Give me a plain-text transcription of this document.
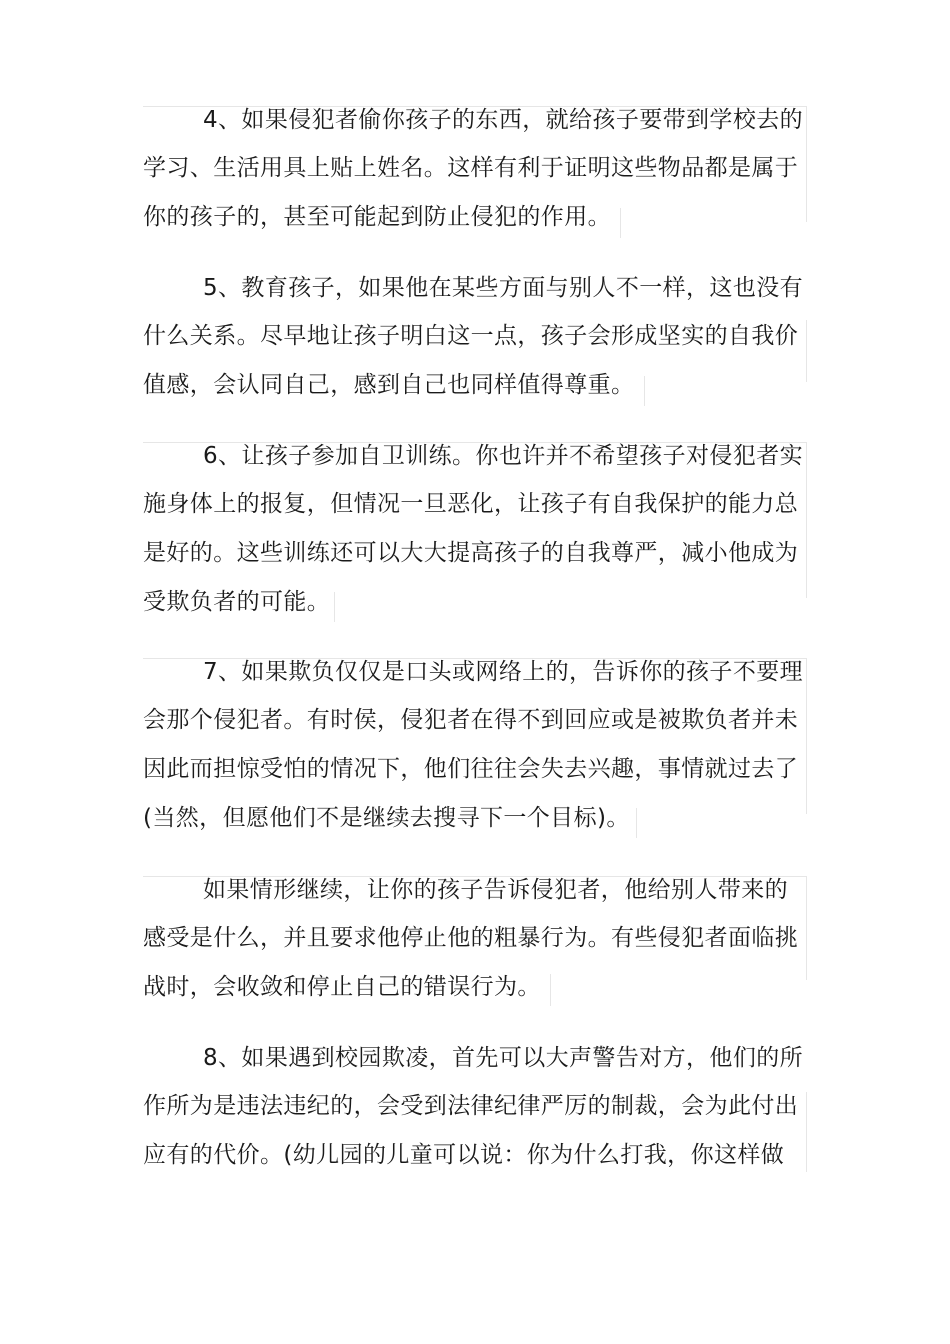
4、如果侵犯者偷你孩子的东西，就给孩子要带到学校去的
学习、生活用具上贴上姓名。这样有利于证明这些物品都是属于
你的孩子的，甚至可能起到防止侵犯的作用。
5、教育孩子，如果他在某些方面与别人不一样，这也没有
什么关系。尽早地让孩子明白这一点，孩子会形成坚实的自我价
值感，会认同自己，感到自己也同样值得尊重。
6、让孩子参加自卫训练。你也许并不希望孩子对侵犯者实
施身体上的报复，但情况一旦恶化，让孩子有自我保护的能力总
是好的。这些训练还可以大大提高孩子的自我尊严，减小他成为
受欺负者的可能。
7、如果欺负仅仅是口头或网络上的，告诉你的孩子不要理
会那个侵犯者。有时侯，侵犯者在得不到回应或是被欺负者并未
因此而担惊受怕的情况下，他们往往会失去兴趣，事情就过去了
(当然，但愿他们不是继续去搜寻下一个目标)。
如果情形继续，让你的孩子告诉侵犯者，他给别人带来的
感受是什么，并且要求他停止他的粗暴行为。有些侵犯者面临挑
战时，会收敛和停止自己的错误行为。
8、如果遇到校园欺凌，首先可以大声警告对方，他们的所
作所为是违法违纪的，会受到法律纪律严厉的制裁，会为此付出
应有的代价。(幼儿园的儿童可以说：你为什么打我，你这样做
